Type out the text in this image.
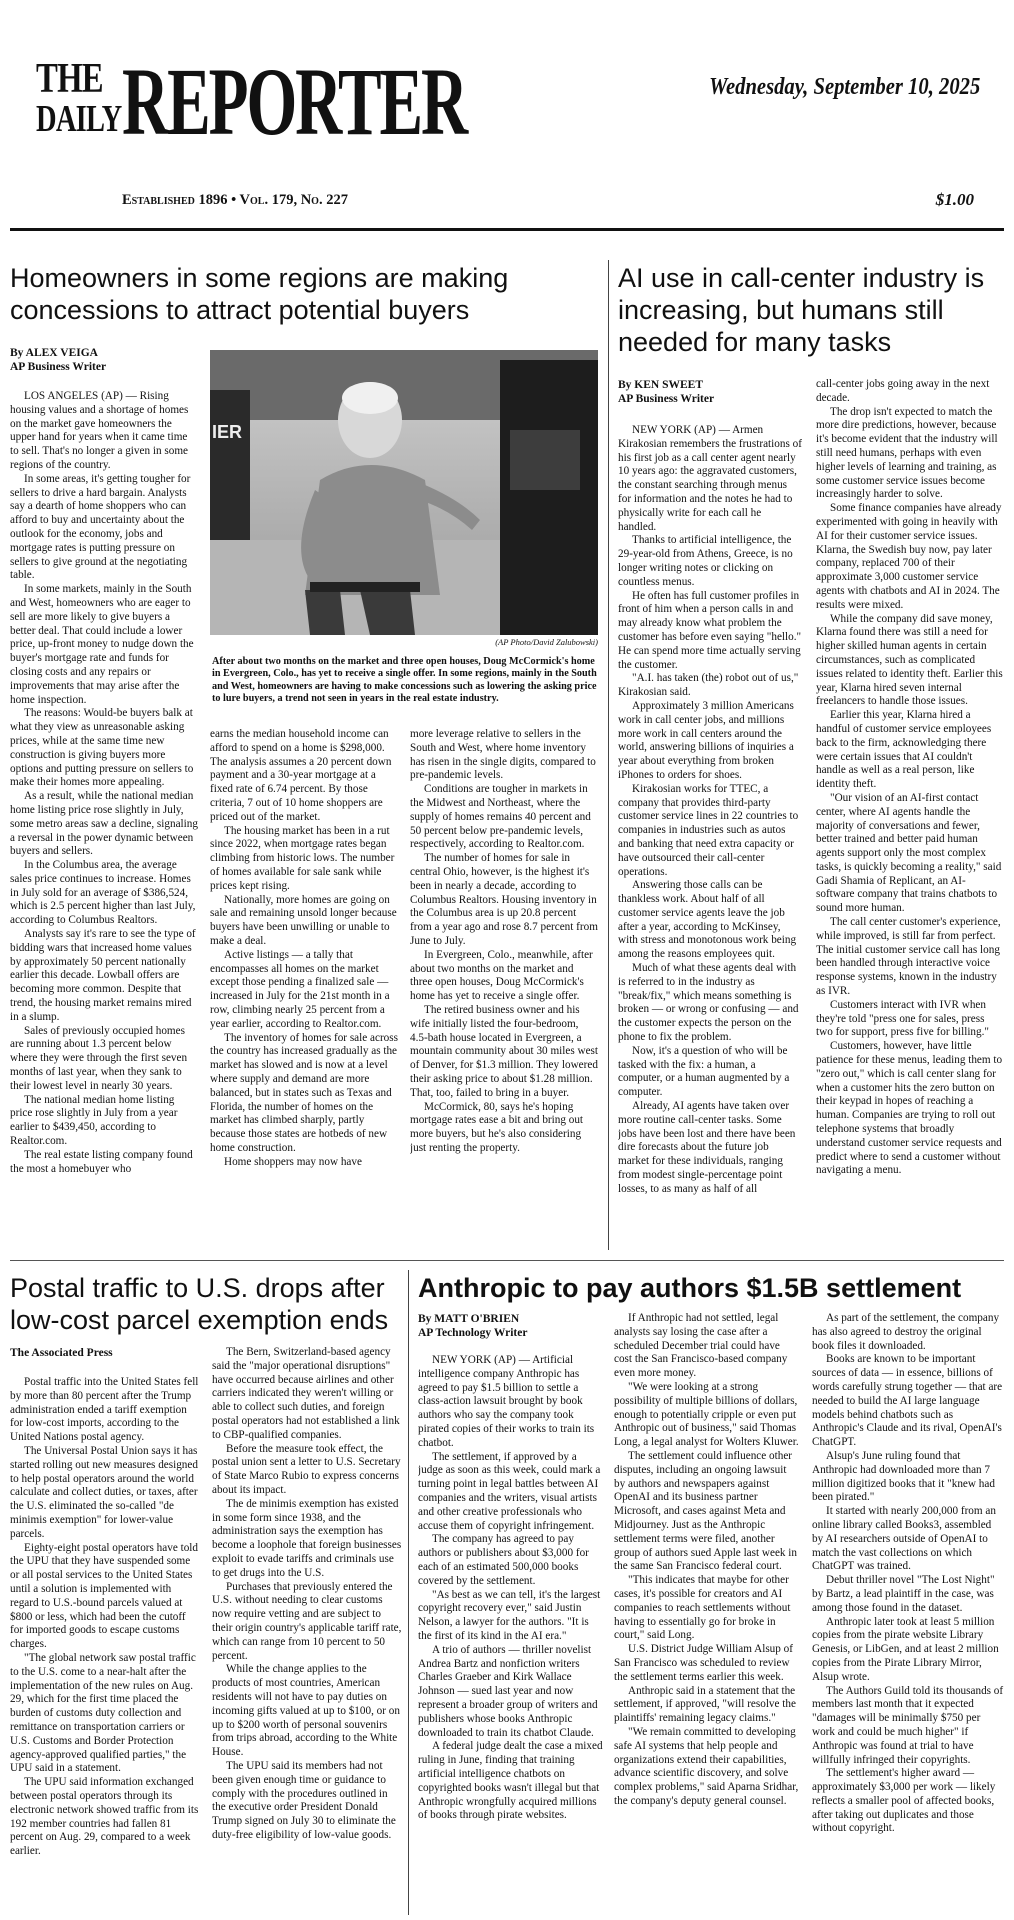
THE
DAILY REPORTER	Wednesday, September 10, 2025
Established 1896 • Vol. 179, No. 227	$1.00
Homeowners in some regions are making concessions to attract potential buyers
By ALEX VEIGA
AP Business Writer

LOS ANGELES (AP) — Rising housing values and a shortage of homes on the market gave homeowners the upper hand for years when it came time to sell. That's no longer a given in some regions of the country.

In some areas, it's getting tougher for sellers to drive a hard bargain. Analysts say a dearth of home shoppers who can afford to buy and uncertainty about the outlook for the economy, jobs and mortgage rates is putting pressure on sellers to give ground at the negotiating table.

In some markets, mainly in the South and West, homeowners who are eager to sell are more likely to give buyers a better deal. That could include a lower price, up-front money to nudge down the buyer's mortgage rate and funds for closing costs and any repairs or improvements that may arise after the home inspection.

The reasons: Would-be buyers balk at what they view as unreasonable asking prices, while at the same time new construction is giving buyers more options and putting pressure on sellers to make their homes more appealing.

As a result, while the national median home listing price rose slightly in July, some metro areas saw a decline, signaling a reversal in the power dynamic between buyers and sellers.

In the Columbus area, the average sales price continues to increase. Homes in July sold for an average of $386,524, which is 2.5 percent higher than last July, according to Columbus Realtors.

Analysts say it's rare to see the type of bidding wars that increased home values by approximately 50 percent nationally earlier this decade. Lowball offers are becoming more common. Despite that trend, the housing market remains mired in a slump.

Sales of previously occupied homes are running about 1.3 percent below where they were through the first seven months of last year, when they sank to their lowest level in nearly 30 years.

The national median home listing price rose slightly in July from a year earlier to $439,450, according to Realtor.com.

The real estate listing company found the most a homebuyer who

IER
(AP Photo/David Zalubowski)
After about two months on the market and three open houses, Doug McCormick's home in Evergreen, Colo., has yet to receive a single offer. In some regions, mainly in the South and West, homeowners are having to make concessions such as lowering the asking price to lure buyers, a trend not seen in years in the real estate industry.

earns the median household income can afford to spend on a home is $298,000. The analysis assumes a 20 percent down payment and a 30-year mortgage at a fixed rate of 6.74 percent. By those criteria, 7 out of 10 home shoppers are priced out of the market.

The housing market has been in a rut since 2022, when mortgage rates began climbing from historic lows. The number of homes available for sale sank while prices kept rising.

Nationally, more homes are going on sale and remaining unsold longer because buyers have been unwilling or unable to make a deal.

Active listings — a tally that encompasses all homes on the market except those pending a finalized sale — increased in July for the 21st month in a row, climbing nearly 25 percent from a year earlier, according to Realtor.com.

The inventory of homes for sale across the country has increased gradually as the market has slowed and is now at a level where supply and demand are more balanced, but in states such as Texas and Florida, the number of homes on the market has climbed sharply, partly because those states are hotbeds of new home construction.

Home shoppers may now have

more leverage relative to sellers in the South and West, where home inventory has risen in the single digits, compared to pre-pandemic levels.

Conditions are tougher in markets in the Midwest and Northeast, where the supply of homes remains 40 percent and 50 percent below pre-pandemic levels, respectively, according to Realtor.com.

The number of homes for sale in central Ohio, however, is the highest it's been in nearly a decade, according to Columbus Realtors. Housing inventory in the Columbus area is up 20.8 percent from a year ago and rose 8.7 percent from June to July.

In Evergreen, Colo., meanwhile, after about two months on the market and three open houses, Doug McCormick's home has yet to receive a single offer.

The retired business owner and his wife initially listed the four-bedroom, 4.5-bath house located in Evergreen, a mountain community about 30 miles west of Denver, for $1.3 million. They lowered their asking price to about $1.28 million. That, too, failed to bring in a buyer.

McCormick, 80, says he's hoping mortgage rates ease a bit and bring out more buyers, but he's also considering just renting the property.

AI use in call-center industry is increasing, but humans still needed for many tasks
By KEN SWEET
AP Business Writer

NEW YORK (AP) — Armen Kirakosian remembers the frustrations of his first job as a call center agent nearly 10 years ago: the aggravated customers, the constant searching through menus for information and the notes he had to physically write for each call he handled.

Thanks to artificial intelligence, the 29-year-old from Athens, Greece, is no longer writing notes or clicking on countless menus.

He often has full customer profiles in front of him when a person calls in and may already know what problem the customer has before even saying "hello." He can spend more time actually serving the customer.

"A.I. has taken (the) robot out of us," Kirakosian said.

Approximately 3 million Americans work in call center jobs, and millions more work in call centers around the world, answering billions of inquiries a year about everything from broken iPhones to orders for shoes.

Kirakosian works for TTEC, a company that provides third-party customer service lines in 22 countries to companies in industries such as autos and banking that need extra capacity or have outsourced their call-center operations.

Answering those calls can be thankless work. About half of all customer service agents leave the job after a year, according to McKinsey, with stress and monotonous work being among the reasons employees quit.

Much of what these agents deal with is referred to in the industry as "break/fix," which means something is broken — or wrong or confusing — and the customer expects the person on the phone to fix the problem.

Now, it's a question of who will be tasked with the fix: a human, a computer, or a human augmented by a computer.

Already, AI agents have taken over more routine call-center tasks. Some jobs have been lost and there have been dire forecasts about the future job market for these individuals, ranging from modest single-percentage point losses, to as many as half of all

call-center jobs going away in the next decade.

The drop isn't expected to match the more dire predictions, however, because it's become evident that the industry will still need humans, perhaps with even higher levels of learning and training, as some customer service issues become increasingly harder to solve.

Some finance companies have already experimented with going in heavily with AI for their customer service issues. Klarna, the Swedish buy now, pay later company, replaced 700 of their approximate 3,000 customer service agents with chatbots and AI in 2024. The results were mixed.

While the company did save money, Klarna found there was still a need for higher skilled human agents in certain circumstances, such as complicated issues related to identity theft. Earlier this year, Klarna hired seven internal freelancers to handle those issues.

Earlier this year, Klarna hired a handful of customer service employees back to the firm, acknowledging there were certain issues that AI couldn't handle as well as a real person, like identity theft.

"Our vision of an AI-first contact center, where AI agents handle the majority of conversations and fewer, better trained and better paid human agents support only the most complex tasks, is quickly becoming a reality," said Gadi Shamia of Replicant, an AI-software company that trains chatbots to sound more human.

The call center customer's experience, while improved, is still far from perfect. The initial customer service call has long been handled through interactive voice response systems, known in the industry as IVR.

Customers interact with IVR when they're told "press one for sales, press two for support, press five for billing."

Customers, however, have little patience for these menus, leading them to "zero out," which is call center slang for when a customer hits the zero button on their keypad in hopes of reaching a human. Companies are trying to roll out telephone systems that broadly understand customer service requests and predict where to send a customer without navigating a menu.

Postal traffic to U.S. drops after low-cost parcel exemption ends
The Associated Press

Postal traffic into the United States fell by more than 80 percent after the Trump administration ended a tariff exemption for low-cost imports, according to the United Nations postal agency.

The Universal Postal Union says it has started rolling out new measures designed to help postal operators around the world calculate and collect duties, or taxes, after the U.S. eliminated the so-called "de minimis exemption" for lower-value parcels.

Eighty-eight postal operators have told the UPU that they have suspended some or all postal services to the United States until a solution is implemented with regard to U.S.-bound parcels valued at $800 or less, which had been the cutoff for imported goods to escape customs charges.

"The global network saw postal traffic to the U.S. come to a near-halt after the implementation of the new rules on Aug. 29, which for the first time placed the burden of customs duty collection and remittance on transportation carriers or U.S. Customs and Border Protection agency-approved qualified parties," the UPU said in a statement.

The UPU said information exchanged between postal operators through its electronic network showed traffic from its 192 member countries had fallen 81 percent on Aug. 29, compared to a week earlier.

The Bern, Switzerland-based agency said the "major operational disruptions" have occurred because airlines and other carriers indicated they weren't willing or able to collect such duties, and foreign postal operators had not established a link to CBP-qualified companies.

Before the measure took effect, the postal union sent a letter to U.S. Secretary of State Marco Rubio to express concerns about its impact.

The de minimis exemption has existed in some form since 1938, and the administration says the exemption has become a loophole that foreign businesses exploit to evade tariffs and criminals use to get drugs into the U.S.

Purchases that previously entered the U.S. without needing to clear customs now require vetting and are subject to their origin country's applicable tariff rate, which can range from 10 percent to 50 percent.

While the change applies to the products of most countries, American residents will not have to pay duties on incoming gifts valued at up to $100, or on up to $200 worth of personal souvenirs from trips abroad, according to the White House.

The UPU said its members had not been given enough time or guidance to comply with the procedures outlined in the executive order President Donald Trump signed on July 30 to eliminate the duty-free eligibility of low-value goods.

Anthropic to pay authors $1.5B settlement
By MATT O'BRIEN
AP Technology Writer

NEW YORK (AP) — Artificial intelligence company Anthropic has agreed to pay $1.5 billion to settle a class-action lawsuit brought by book authors who say the company took pirated copies of their works to train its chatbot.

The settlement, if approved by a judge as soon as this week, could mark a turning point in legal battles between AI companies and the writers, visual artists and other creative professionals who accuse them of copyright infringement.

The company has agreed to pay authors or publishers about $3,000 for each of an estimated 500,000 books covered by the settlement.

"As best as we can tell, it's the largest copyright recovery ever," said Justin Nelson, a lawyer for the authors. "It is the first of its kind in the AI era."

A trio of authors — thriller novelist Andrea Bartz and nonfiction writers Charles Graeber and Kirk Wallace Johnson — sued last year and now represent a broader group of writers and publishers whose books Anthropic downloaded to train its chatbot Claude.

A federal judge dealt the case a mixed ruling in June, finding that training artificial intelligence chatbots on copyrighted books wasn't illegal but that Anthropic wrongfully acquired millions of books through pirate websites.

If Anthropic had not settled, legal analysts say losing the case after a scheduled December trial could have cost the San Francisco-based company even more money.

"We were looking at a strong possibility of multiple billions of dollars, enough to potentially cripple or even put Anthropic out of business," said Thomas Long, a legal analyst for Wolters Kluwer.

The settlement could influence other disputes, including an ongoing lawsuit by authors and newspapers against OpenAI and its business partner Microsoft, and cases against Meta and Midjourney. Just as the Anthropic settlement terms were filed, another group of authors sued Apple last week in the same San Francisco federal court.

"This indicates that maybe for other cases, it's possible for creators and AI companies to reach settlements without having to essentially go for broke in court," said Long.

U.S. District Judge William Alsup of San Francisco was scheduled to review the settlement terms earlier this week.

Anthropic said in a statement that the settlement, if approved, "will resolve the plaintiffs' remaining legacy claims."

"We remain committed to developing safe AI systems that help people and organizations extend their capabilities, advance scientific discovery, and solve complex problems," said Aparna Sridhar, the company's deputy general counsel.

As part of the settlement, the company has also agreed to destroy the original book files it downloaded.

Books are known to be important sources of data — in essence, billions of words carefully strung together — that are needed to build the AI large language models behind chatbots such as Anthropic's Claude and its rival, OpenAI's ChatGPT.

Alsup's June ruling found that Anthropic had downloaded more than 7 million digitized books that it "knew had been pirated."

It started with nearly 200,000 from an online library called Books3, assembled by AI researchers outside of OpenAI to match the vast collections on which ChatGPT was trained.

Debut thriller novel "The Lost Night" by Bartz, a lead plaintiff in the case, was among those found in the dataset.

Anthropic later took at least 5 million copies from the pirate website Library Genesis, or LibGen, and at least 2 million copies from the Pirate Library Mirror, Alsup wrote.

The Authors Guild told its thousands of members last month that it expected "damages will be minimally $750 per work and could be much higher" if Anthropic was found at trial to have willfully infringed their copyrights.

The settlement's higher award — approximately $3,000 per work — likely reflects a smaller pool of affected books, after taking out duplicates and those without copyright.
